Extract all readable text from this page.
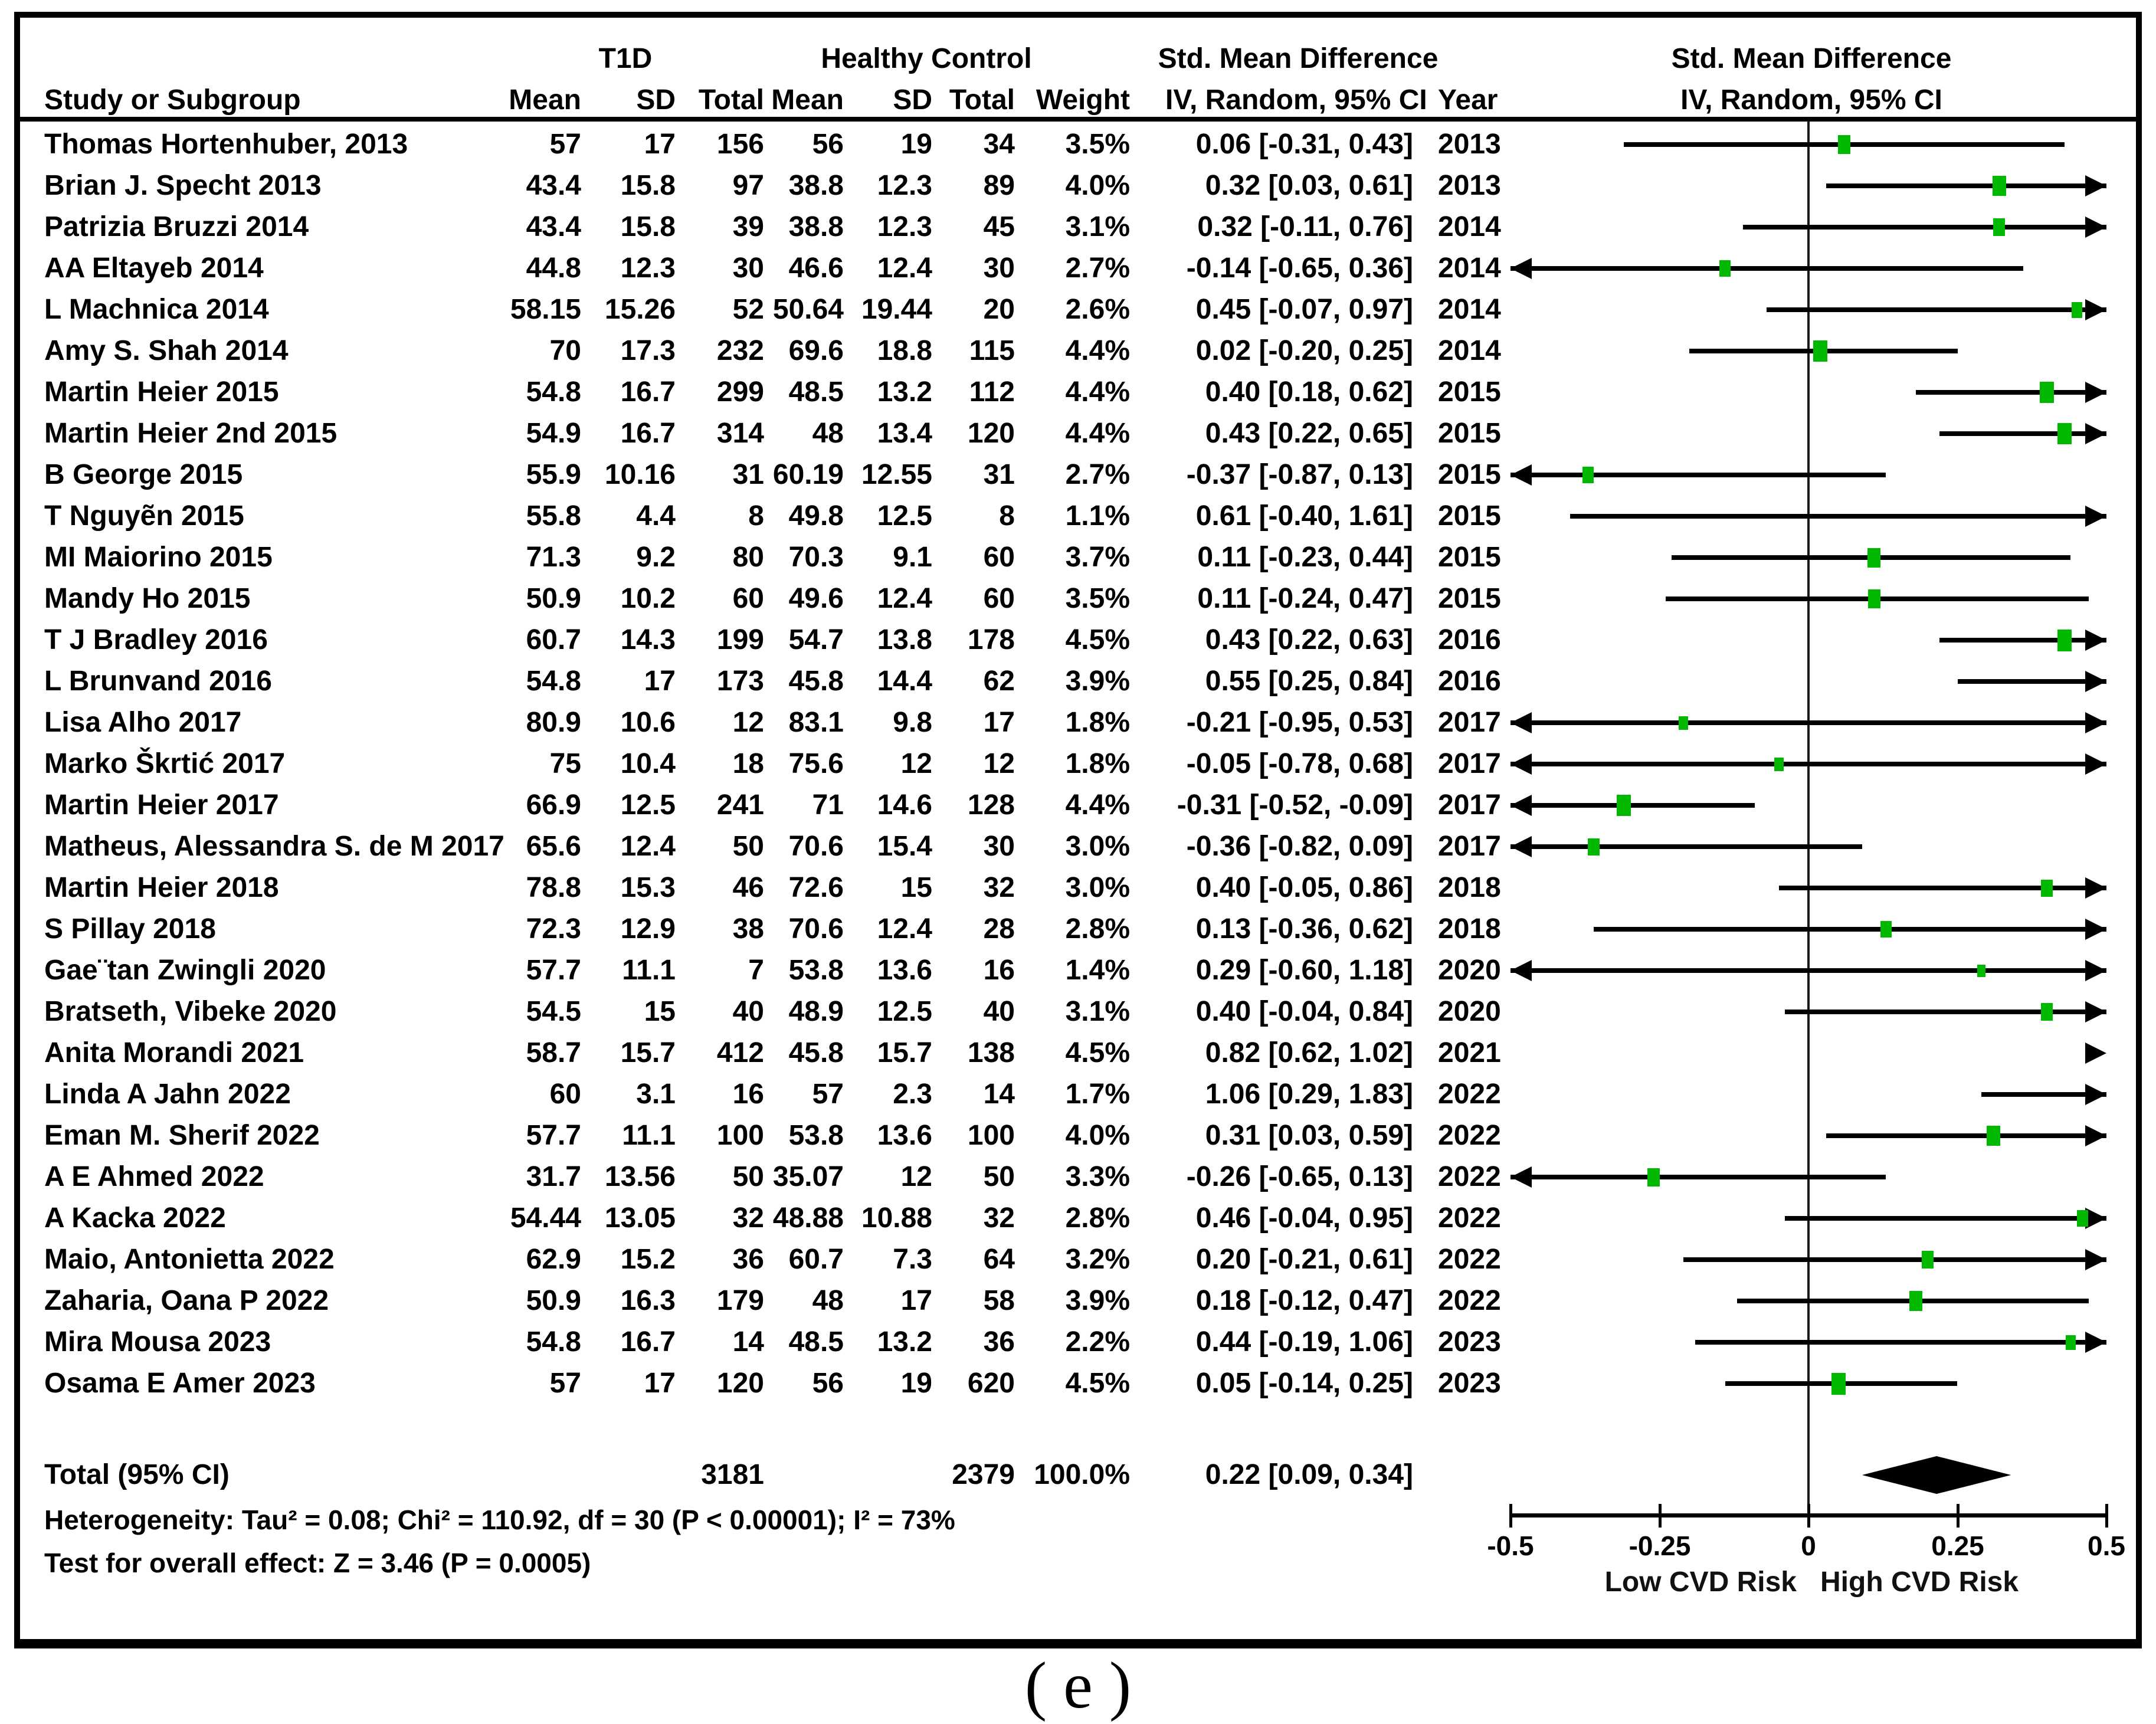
T1D	Healthy Control	Std. Mean Difference	Std. Mean Difference
Study or Subgroup	Mean	SD Total Mean	SD Total Weight IV, Random, 95% CI Year	IV, Random, 95% CI
Thomas Hortenhuber, 2013	57	17	156	56	19	34	3.5%	0.06 [-0.31, 0.43] 2013
Brian J. Specht 2013	43.4	15.8	97 38.8	12.3	89	4.0%	0.32 [0.03, 0.61] 2013
Patrizia Bruzzi 2014	43.4	15.8	39 38.8	12.3	45	3.1%	0.32 [-0.11, 0.76] 2014
AA Eltayeb 2014	44.8	12.3	30 46.6	12.4	30	2.7%	-0.14 [-0.65, 0.36] 2014
L Machnica 2014	58.15 15.26	52 50.64 19.44	20	2.6%	0.45 [-0.07, 0.97] 2014
Amy S. Shah 2014	70	17.3	232 69.6	18.8	115	4.4%	0.02 [-0.20, 0.25] 2014
Martin Heier 2015	54.8	16.7	299 48.5	13.2	112	4.4%	0.40 [0.18, 0.62] 2015
Martin Heier 2nd 2015	54.9	16.7	314	48	13.4	120	4.4%	0.43 [0.22, 0.65] 2015
B George 2015	55.9 10.16	31 60.19 12.55	31	2.7%	-0.37 [-0.87, 0.13] 2015
T Nguyẽn 2015	55.8	4.4	8 49.8	12.5	8	1.1%	0.61 [-0.40, 1.61] 2015
MI Maiorino 2015	71.3	9.2	80 70.3	9.1	60	3.7%	0.11 [-0.23, 0.44] 2015
Mandy Ho 2015	50.9	10.2	60 49.6	12.4	60	3.5%	0.11 [-0.24, 0.47] 2015
T J Bradley 2016	60.7	14.3	199 54.7	13.8	178	4.5%	0.43 [0.22, 0.63] 2016
L Brunvand 2016	54.8	17	173 45.8	14.4	62	3.9%	0.55 [0.25, 0.84] 2016
Lisa Alho 2017	80.9	10.6	12 83.1	9.8	17	1.8%	-0.21 [-0.95, 0.53] 2017
Marko Škrtić 2017	75	10.4	18 75.6	12	12	1.8%	-0.05 [-0.78, 0.68] 2017
Martin Heier 2017	66.9	12.5	241	71	14.6	128	4.4%	-0.31 [-0.52, -0.09] 2017
Matheus, Alessandra S. de M 2017 65.6	12.4	50 70.6	15.4	30	3.0%	-0.36 [-0.82, 0.09] 2017
Martin Heier 2018	78.8	15.3	46 72.6	15	32	3.0%	0.40 [-0.05, 0.86] 2018
S Pillay 2018	72.3	12.9	38 70.6	12.4	28	2.8%	0.13 [-0.36, 0.62] 2018
Gae¨tan Zwingli 2020	57.7	11.1	7 53.8	13.6	16	1.4%	0.29 [-0.60, 1.18] 2020
Bratseth, Vibeke 2020	54.5	15	40 48.9	12.5	40	3.1%	0.40 [-0.04, 0.84] 2020
Anita Morandi 2021	58.7	15.7	412 45.8	15.7	138	4.5%	0.82 [0.62, 1.02] 2021
Linda A Jahn 2022	60	3.1	16	57	2.3	14	1.7%	1.06 [0.29, 1.83] 2022
Eman M. Sherif 2022	57.7	11.1	100 53.8	13.6	100	4.0%	0.31 [0.03, 0.59] 2022
A E Ahmed 2022	31.7 13.56	50 35.07	12	50	3.3%	-0.26 [-0.65, 0.13] 2022
A Kacka 2022	54.44 13.05	32 48.88 10.88	32	2.8%	0.46 [-0.04, 0.95] 2022
Maio, Antonietta 2022	62.9	15.2	36 60.7	7.3	64	3.2%	0.20 [-0.21, 0.61] 2022
Zaharia, Oana P 2022	50.9	16.3	179	48	17	58	3.9%	0.18 [-0.12, 0.47] 2022
Mira Mousa 2023	54.8	16.7	14 48.5	13.2	36	2.2%	0.44 [-0.19, 1.06] 2023
Osama E Amer 2023	57	17	120	56	19	620	4.5%	0.05 [-0.14, 0.25] 2023
Total (95% CI)	3181	2379 100.0%	0.22 [0.09, 0.34]
Heterogeneity: Tau² = 0.08; Chi² = 110.92, df = 30 (P < 0.00001); I² = 73%
Test for overall effect: Z = 3.46 (P = 0.0005)
-0.5	-0.25	0	0.25	0.5
Low CVD Risk High CVD Risk
( e )
